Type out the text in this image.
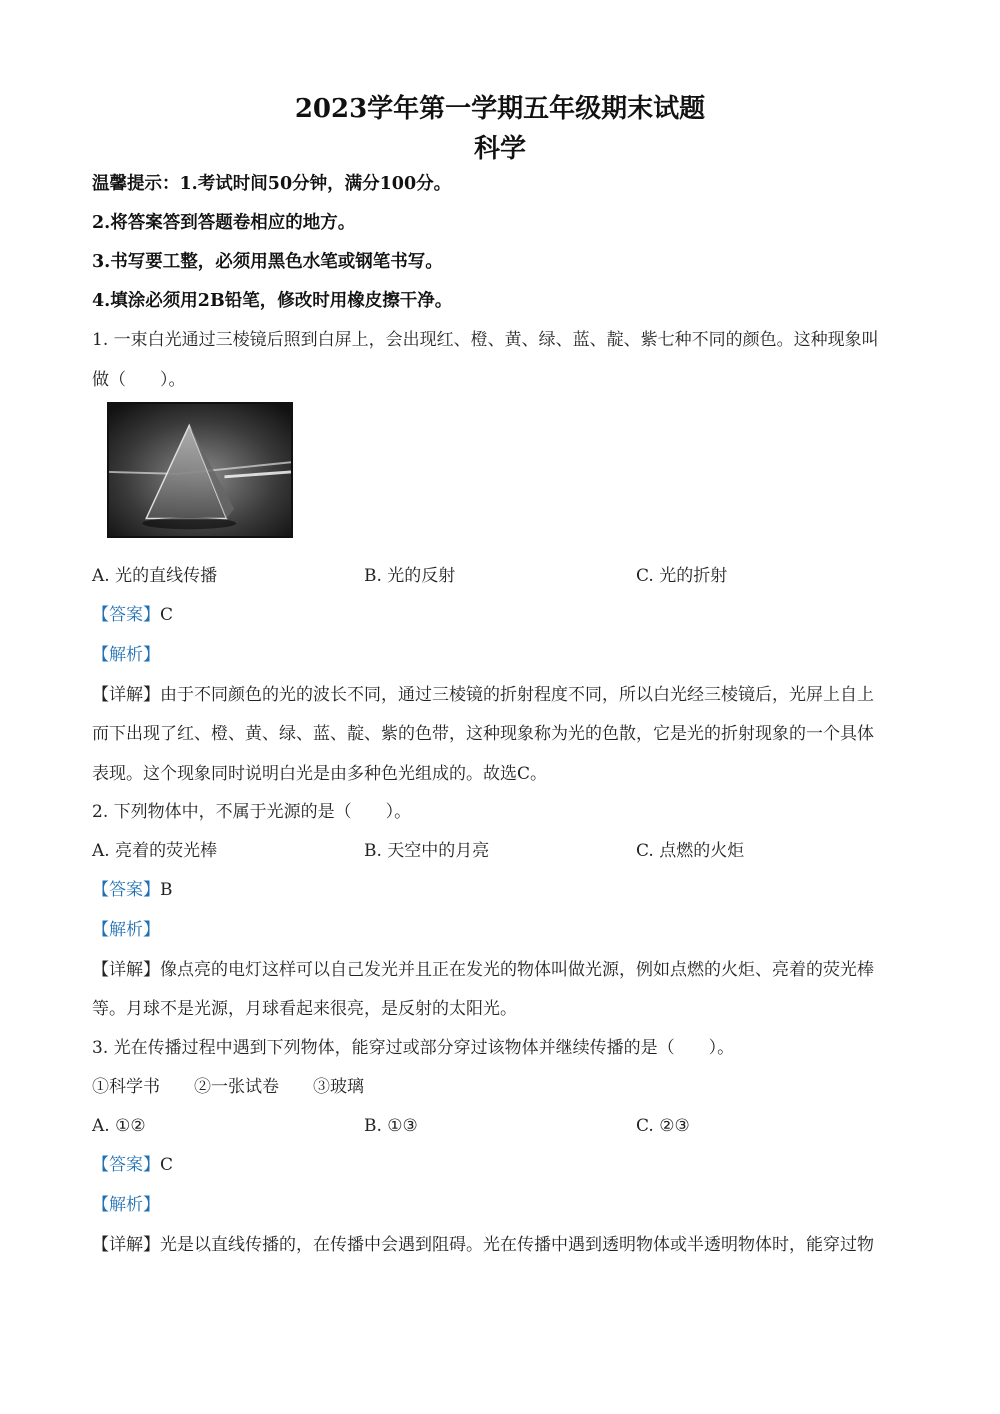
2023学年第一学期五年级期末试题
科学

温馨提示：1.考试时间50分钟，满分100分。

2.将答案答到答题卷相应的地方。

3.书写要工整，必须用黑色水笔或钢笔书写。

4.填涂必须用2B铅笔，修改时用橡皮擦干净。

1. 一束白光通过三棱镜后照到白屏上，会出现红、橙、黄、绿、蓝、靛、紫七种不同的颜色。这种现象叫

做（　　）。

A. 光的直线传播	B. 光的反射	C. 光的折射

【答案】C

【解析】

【详解】由于不同颜色的光的波长不同，通过三棱镜的折射程度不同，所以白光经三棱镜后，光屏上自上

而下出现了红、橙、黄、绿、蓝、靛、紫的色带，这种现象称为光的色散，它是光的折射现象的一个具体

表现。这个现象同时说明白光是由多种色光组成的。故选C。

2. 下列物体中，不属于光源的是（　　）。

A. 亮着的荧光棒	B. 天空中的月亮	C. 点燃的火炬

【答案】B

【解析】

【详解】像点亮的电灯这样可以自己发光并且正在发光的物体叫做光源，例如点燃的火炬、亮着的荧光棒

等。月球不是光源，月球看起来很亮，是反射的太阳光。

3. 光在传播过程中遇到下列物体，能穿过或部分穿过该物体并继续传播的是（　　）。

①科学书　　②一张试卷　　③玻璃

A. ①②	B. ①③	C. ②③

【答案】C

【解析】

【详解】光是以直线传播的，在传播中会遇到阻碍。光在传播中遇到透明物体或半透明物体时，能穿过物
